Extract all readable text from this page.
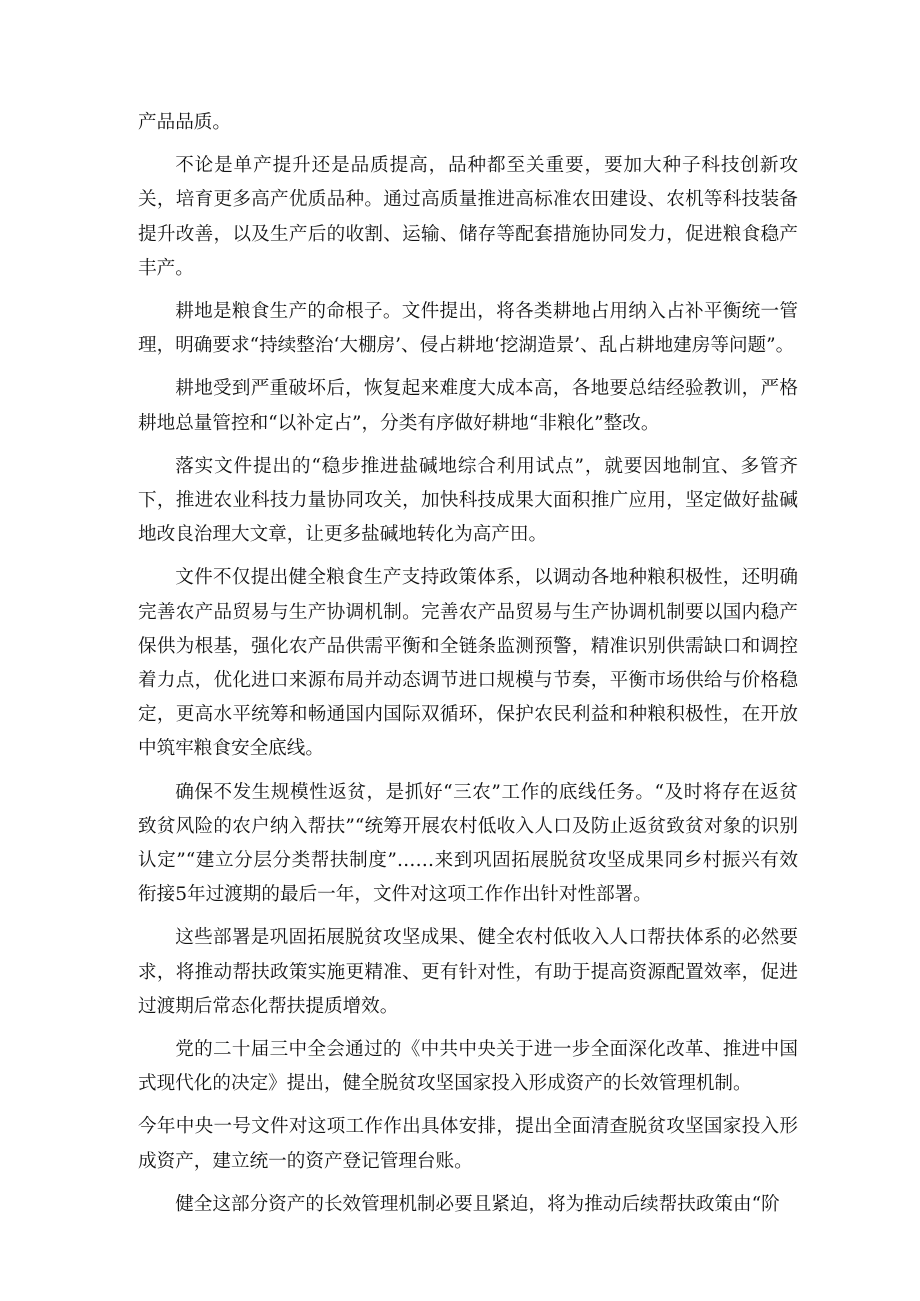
产品品质。

不论是单产提升还是品质提高，品种都至关重要，要加大种子科技创新攻关，培育更多高产优质品种。通过高质量推进高标准农田建设、农机等科技装备提升改善，以及生产后的收割、运输、储存等配套措施协同发力，促进粮食稳产丰产。

耕地是粮食生产的命根子。文件提出，将各类耕地占用纳入占补平衡统一管理，明确要求“持续整治‘大棚房’、侵占耕地‘挖湖造景’、乱占耕地建房等问题”。

耕地受到严重破坏后，恢复起来难度大成本高，各地要总结经验教训，严格耕地总量管控和“以补定占”，分类有序做好耕地“非粮化”整改。

落实文件提出的“稳步推进盐碱地综合利用试点”，就要因地制宜、多管齐下，推进农业科技力量协同攻关，加快科技成果大面积推广应用，坚定做好盐碱地改良治理大文章，让更多盐碱地转化为高产田。

文件不仅提出健全粮食生产支持政策体系，以调动各地种粮积极性，还明确完善农产品贸易与生产协调机制。完善农产品贸易与生产协调机制要以国内稳产保供为根基，强化农产品供需平衡和全链条监测预警，精准识别供需缺口和调控着力点，优化进口来源布局并动态调节进口规模与节奏，平衡市场供给与价格稳定，更高水平统筹和畅通国内国际双循环，保护农民利益和种粮积极性，在开放中筑牢粮食安全底线。

确保不发生规模性返贫，是抓好“三农”工作的底线任务。“及时将存在返贫致贫风险的农户纳入帮扶”“统筹开展农村低收入人口及防止返贫致贫对象的识别认定”“建立分层分类帮扶制度”……来到巩固拓展脱贫攻坚成果同乡村振兴有效衔接5年过渡期的最后一年，文件对这项工作作出针对性部署。

这些部署是巩固拓展脱贫攻坚成果、健全农村低收入人口帮扶体系的必然要求，将推动帮扶政策实施更精准、更有针对性，有助于提高资源配置效率，促进过渡期后常态化帮扶提质增效。

党的二十届三中全会通过的《中共中央关于进一步全面深化改革、推进中国式现代化的决定》提出，健全脱贫攻坚国家投入形成资产的长效管理机制。

今年中央一号文件对这项工作作出具体安排，提出全面清查脱贫攻坚国家投入形成资产，建立统一的资产登记管理台账。

健全这部分资产的长效管理机制必要且紧迫，将为推动后续帮扶政策由“阶
